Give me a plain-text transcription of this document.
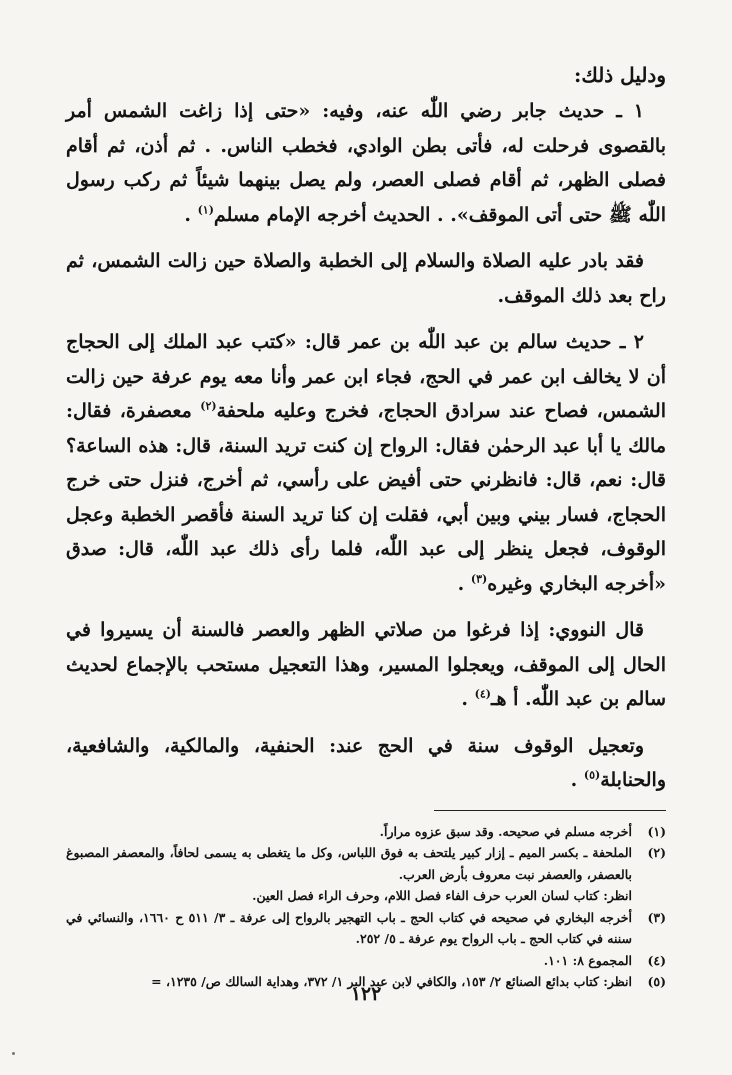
ودليل ذلك:

١ ـ حديث جابر رضي اللّٰه عنه، وفيه: «حتى إذا زاغت الشمس أمر بالقصوى فرحلت له، فأتى بطن الوادي، فخطب الناس. . ثم أذن، ثم أقام فصلى الظهر، ثم أقام فصلى العصر، ولم يصل بينهما شيئاً ثم ركب رسول اللّٰه ﷺ حتى أتى الموقف». . الحديث أخرجه الإمام مسلم$^{(١)}$ .

فقد بادر عليه الصلاة والسلام إلى الخطبة والصلاة حين زالت الشمس، ثم راح بعد ذلك الموقف.

٢ ـ حديث سالم بن عبد اللّٰه بن عمر قال: «كتب عبد الملك إلى الحجاج أن لا يخالف ابن عمر في الحج، فجاء ابن عمر وأنا معه يوم عرفة حين زالت الشمس، فصاح عند سرادق الحجاج، فخرج وعليه ملحفة$^{(٢)}$ معصفرة، فقال: مالك يا أبا عبد الرحمٰن فقال: الرواح إن كنت تريد السنة، قال: هذه الساعة؟ قال: نعم، قال: فانظرني حتى أفيض على رأسي، ثم أخرج، فنزل حتى خرج الحجاج، فسار بيني وبين أبي، فقلت إن كنا تريد السنة فأقصر الخطبة وعجل الوقوف، فجعل ينظر إلى عبد اللّٰه، فلما رأى ذلك عبد اللّٰه، قال: صدق «أخرجه البخاري وغيره$^{(٣)}$ .

قال النووي: إذا فرغوا من صلاتي الظهر والعصر فالسنة أن يسيروا في الحال إلى الموقف، ويعجلوا المسير، وهذا التعجيل مستحب بالإجماع لحديث سالم بن عبد اللّٰه. أ هـ$^{(٤)}$ .

وتعجيل الوقوف سنة في الحج عند: الحنفية، والمالكية، والشافعية، والحنابلة$^{(٥)}$ .

(١)
أخرجه مسلم في صحيحه. وقد سبق عزوه مراراً.
(٢)
الملحفة ـ بكسر الميم ـ إزار كبير يلتحف به فوق اللباس، وكل ما يتغطى به يسمى لحافاً، والمعصفر المصبوغ بالعصفر، والعصفر نبت معروف بأرض العرب.
انظر: كتاب لسان العرب حرف الفاء فصل اللام، وحرف الراء فصل العين.
(٣)
أخرجه البخاري في صحيحه في كتاب الحج ـ باب التهجير بالرواح إلى عرفة ـ ٣/ ٥١١ ح ١٦٦٠، والنسائي في سننه في كتاب الحج ـ باب الرواح يوم عرفة ـ ٥/ ٢٥٢.
(٤)
المجموع ٨: ١٠١.
(٥)
انظر: كتاب بدائع الصنائع ٢/ ١٥٣، والكافي لابن عبد البر ١/ ٣٧٢، وهداية السالك ص/ ١٢٣٥، =
١٢٢
